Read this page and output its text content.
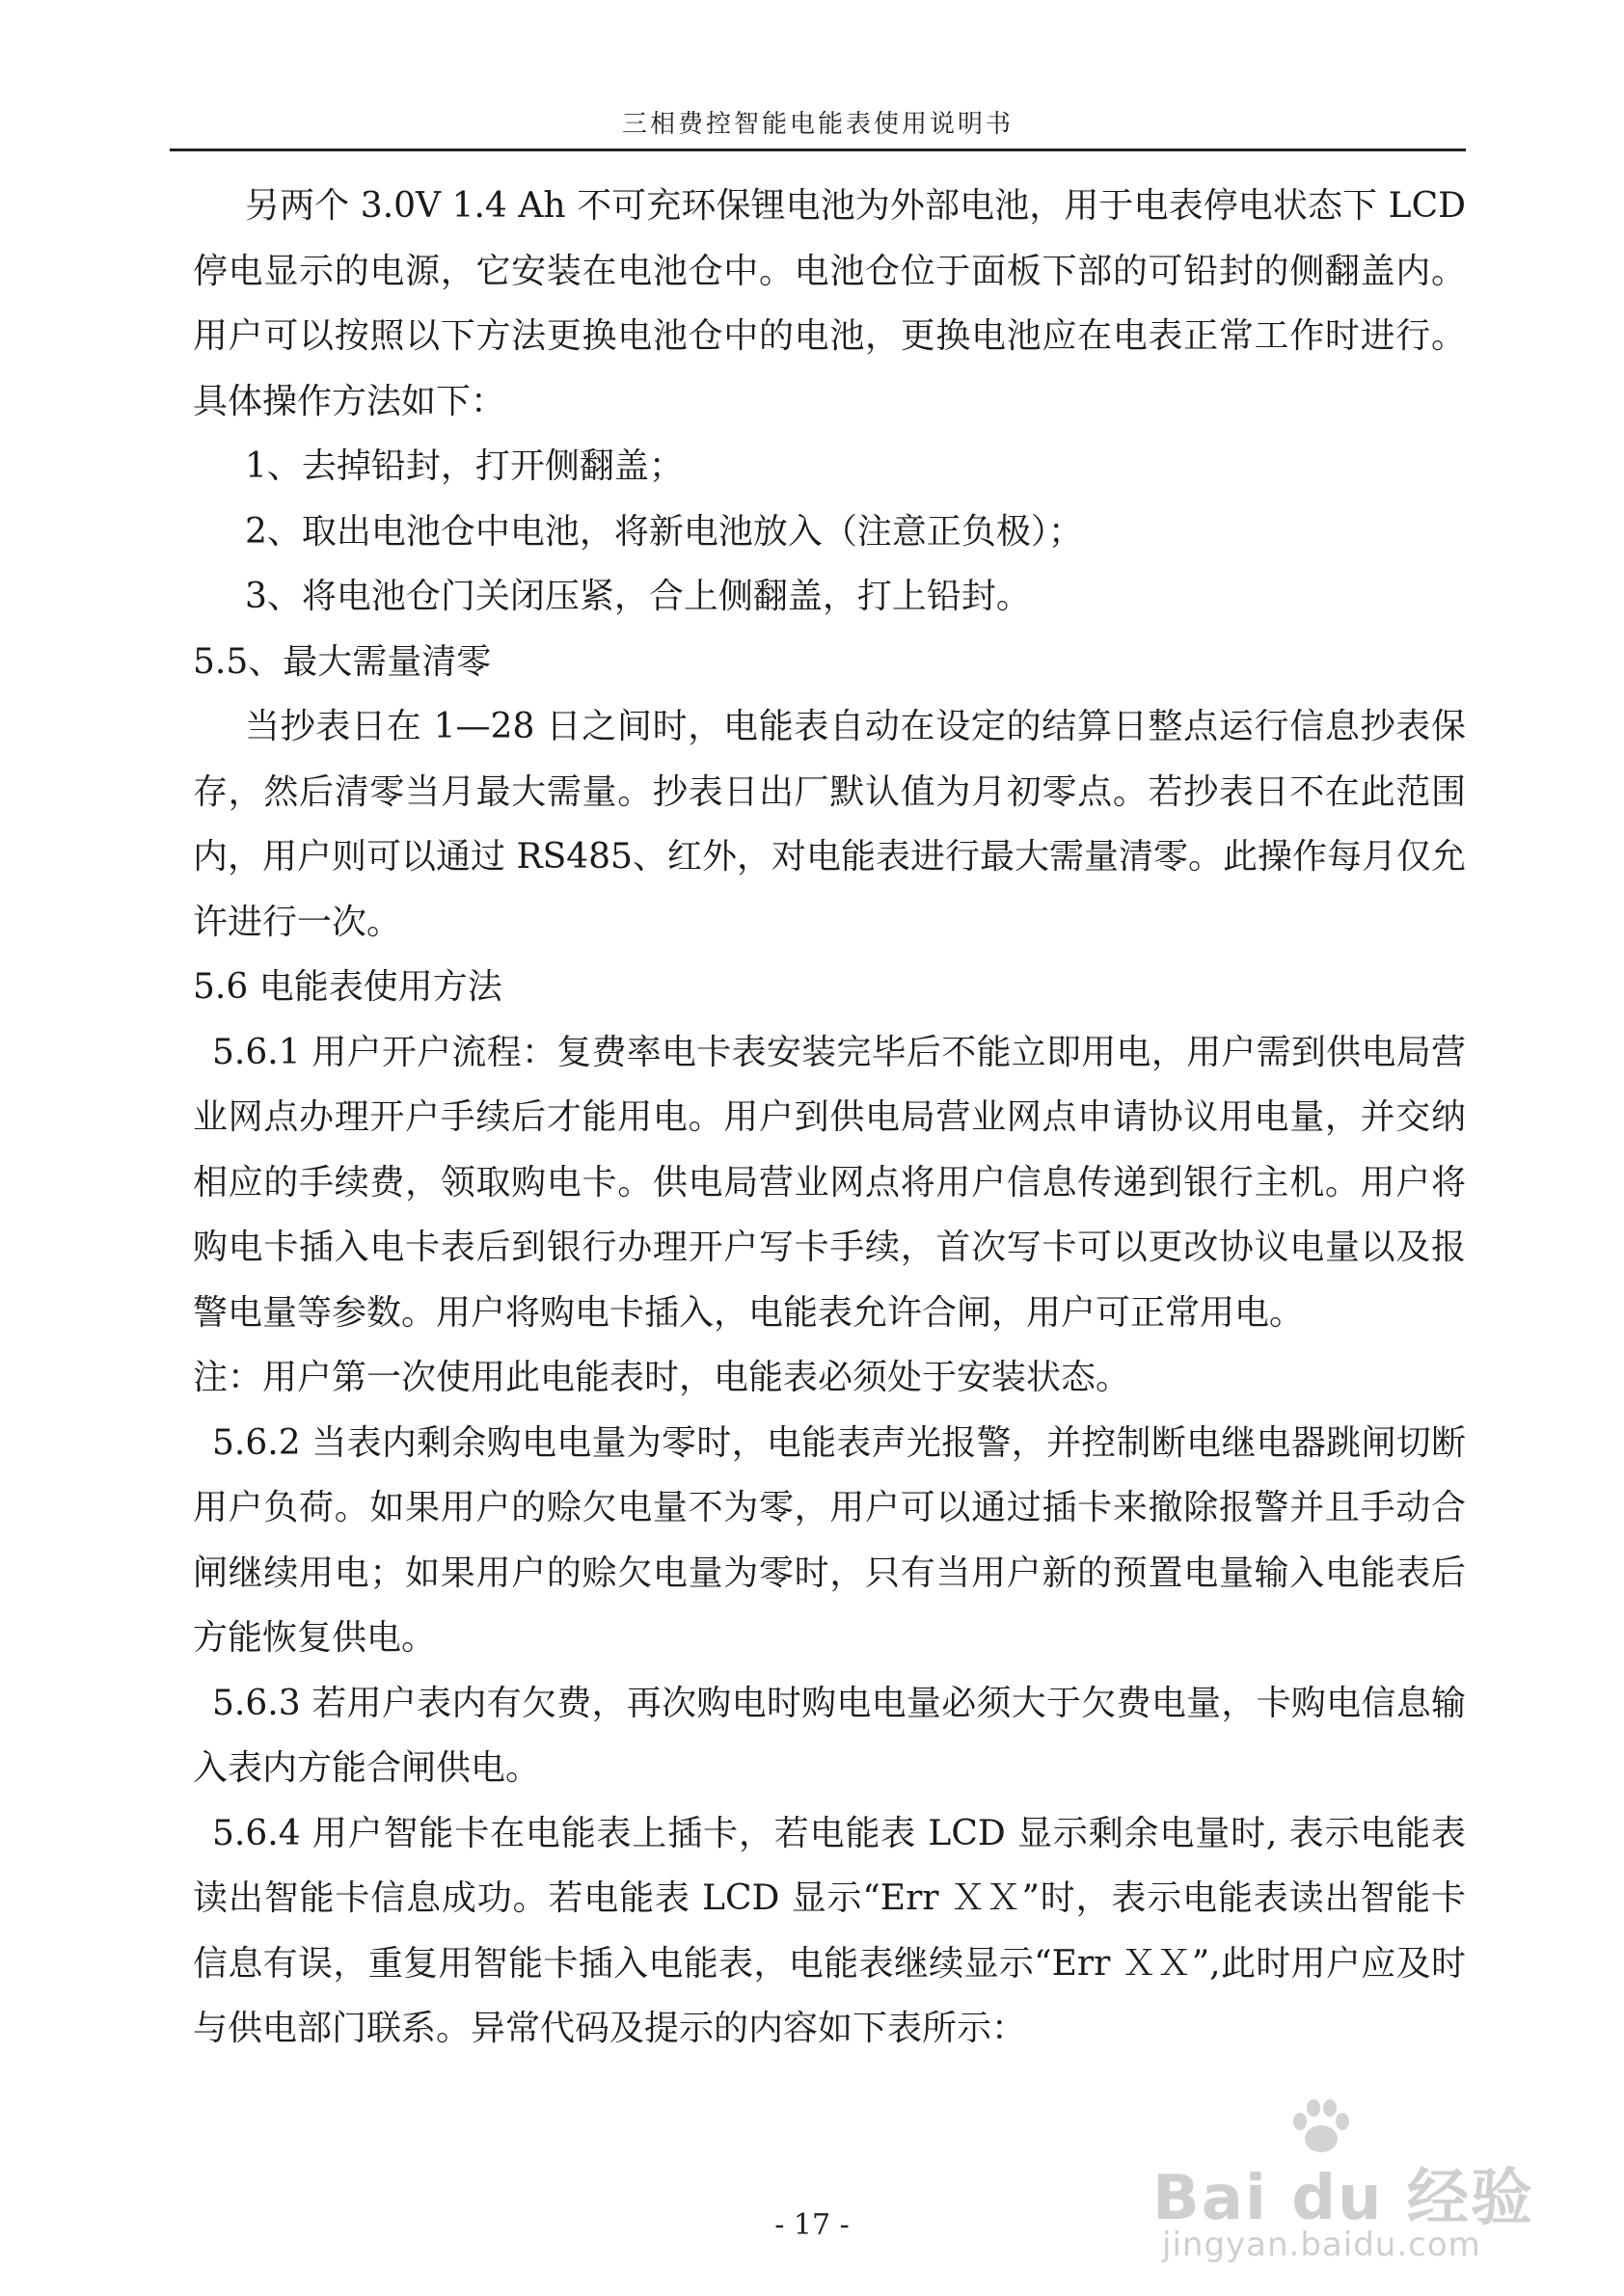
三相费控智能电能表使用说明书

另两个 3.0V 1.4 Ah 不可充环保锂电池为外部电池，用于电表停电状态下 LCD 停电显示的电源，它安装在电池仓中。电池仓位于面板下部的可铅封的侧翻盖内。用户可以按照以下方法更换电池仓中的电池，更换电池应在电表正常工作时进行。具体操作方法如下：

1、去掉铅封，打开侧翻盖；

2、取出电池仓中电池，将新电池放入（注意正负极）；

3、将电池仓门关闭压紧，合上侧翻盖，打上铅封。

5.5、最大需量清零

当抄表日在 1—28 日之间时，电能表自动在设定的结算日整点运行信息抄表保存，然后清零当月最大需量。抄表日出厂默认值为月初零点。若抄表日不在此范围内，用户则可以通过 RS485、红外，对电能表进行最大需量清零。此操作每月仅允许进行一次。

5.6 电能表使用方法

5.6.1 用户开户流程：复费率电卡表安装完毕后不能立即用电，用户需到供电局营业网点办理开户手续后才能用电。用户到供电局营业网点申请协议用电量，并交纳相应的手续费，领取购电卡。供电局营业网点将用户信息传递到银行主机。用户将购电卡插入电卡表后到银行办理开户写卡手续，首次写卡可以更改协议电量以及报警电量等参数。用户将购电卡插入，电能表允许合闸，用户可正常用电。

注：用户第一次使用此电能表时，电能表必须处于安装状态。

5.6.2 当表内剩余购电电量为零时，电能表声光报警，并控制断电继电器跳闸切断用户负荷。如果用户的赊欠电量不为零，用户可以通过插卡来撤除报警并且手动合闸继续用电；如果用户的赊欠电量为零时，只有当用户新的预置电量输入电能表后方能恢复供电。

5.6.3 若用户表内有欠费，再次购电时购电电量必须大于欠费电量，卡购电信息输入表内方能合闸供电。

5.6.4 用户智能卡在电能表上插卡，若电能表 LCD 显示剩余电量时, 表示电能表读出智能卡信息成功。若电能表 LCD 显示“Err ＸＸ”时，表示电能表读出智能卡信息有误，重复用智能卡插入电能表，电能表继续显示“Err ＸＸ”,此时用户应及时与供电部门联系。异常代码及提示的内容如下表所示：

- 17 -	Bai du 经验
jingyan.baidu.com
